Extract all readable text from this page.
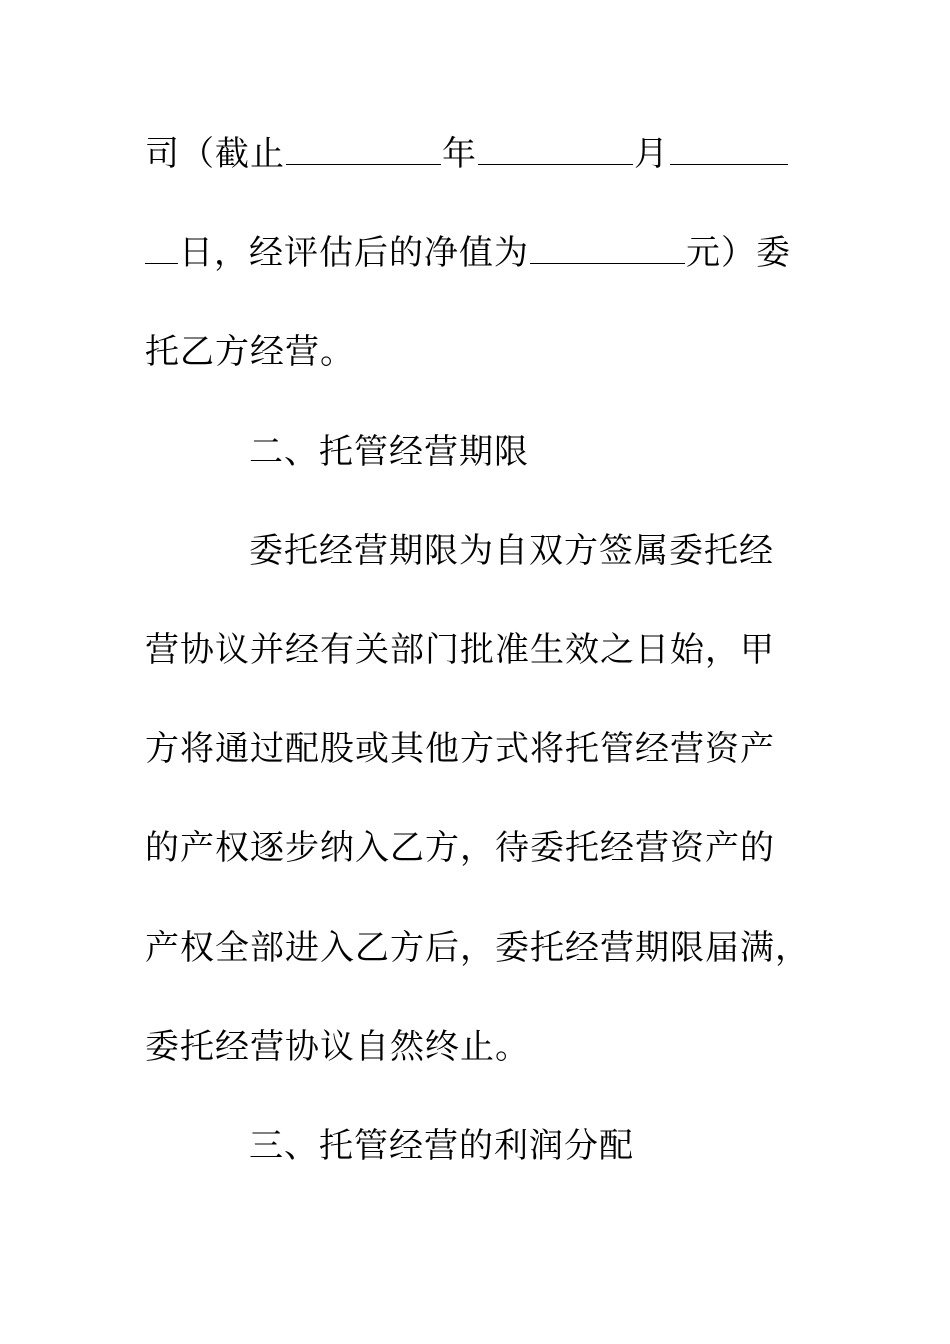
司（截止	年	月
日，经评估后的净值为	元）委
托乙方经营。
二、托管经营期限
委托经营期限为自双方签属委托经
营协议并经有关部门批准生效之日始，甲
方将通过配股或其他方式将托管经营资产
的产权逐步纳入乙方，待委托经营资产的
产权全部进入乙方后，委托经营期限届满，
委托经营协议自然终止。
三、托管经营的利润分配
